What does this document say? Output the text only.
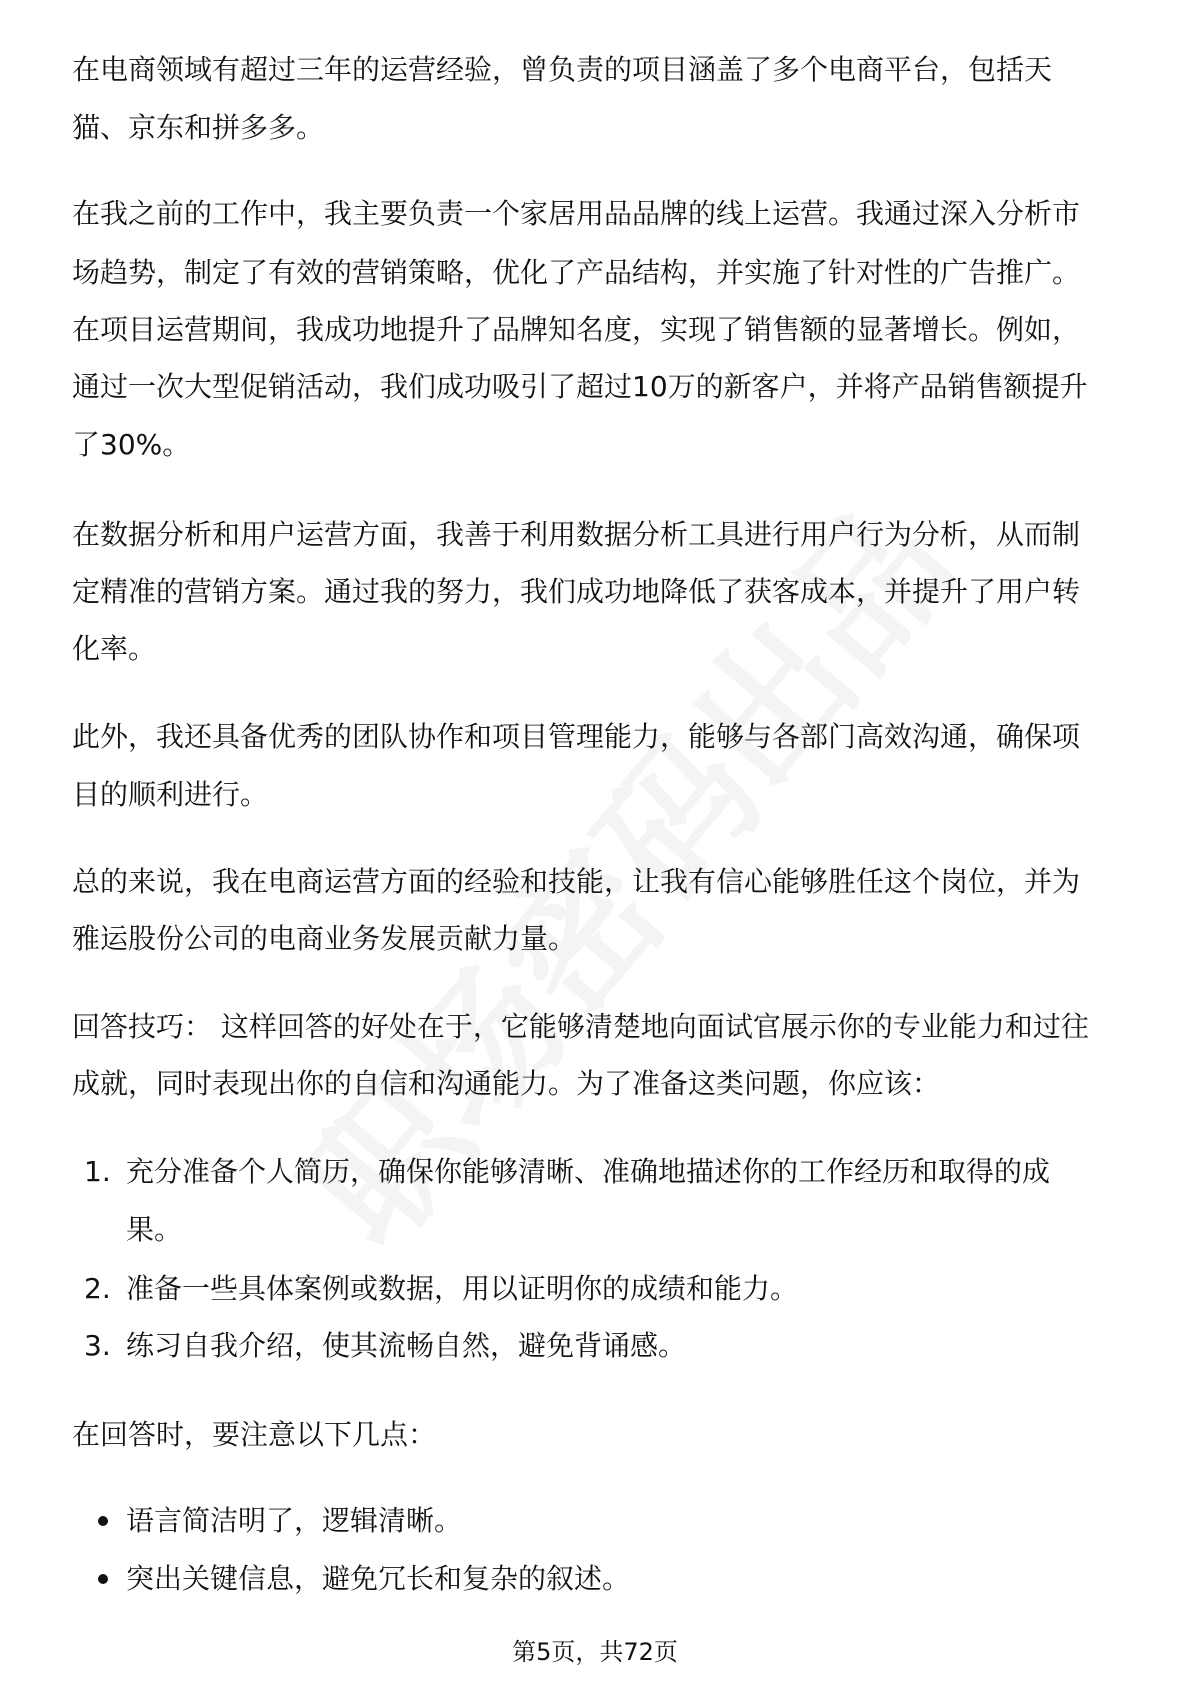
在电商领域有超过三年的运营经验，曾负责的项目涵盖了多个电商平台，包括天
猫、京东和拼多多。
在我之前的工作中，我主要负责一个家居用品品牌的线上运营。我通过深入分析市
场趋势，制定了有效的营销策略，优化了产品结构，并实施了针对性的广告推广。
在项目运营期间，我成功地提升了品牌知名度，实现了销售额的显著增长。例如，
通过一次大型促销活动，我们成功吸引了超过10万的新客户，并将产品销售额提升
了30%。
在数据分析和用户运营方面，我善于利用数据分析工具进行用户行为分析，从而制
定精准的营销方案。通过我的努力，我们成功地降低了获客成本，并提升了用户转
化率。
此外，我还具备优秀的团队协作和项目管理能力，能够与各部门高效沟通，确保项
目的顺利进行。
总的来说，我在电商运营方面的经验和技能，让我有信心能够胜任这个岗位，并为
雅运股份公司的电商业务发展贡献力量。
回答技巧： 这样回答的好处在于，它能够清楚地向面试官展示你的专业能力和过往
成就，同时表现出你的自信和沟通能力。为了准备这类问题，你应该：
1. 充分准备个人简历，确保你能够清晰、准确地描述你的工作经历和取得的成
果。
2. 准备一些具体案例或数据，用以证明你的成绩和能力。
3. 练习自我介绍，使其流畅自然，避免背诵感。
在回答时，要注意以下几点：
语言简洁明了，逻辑清晰。
突出关键信息，避免冗长和复杂的叙述。
第5页，共72页
